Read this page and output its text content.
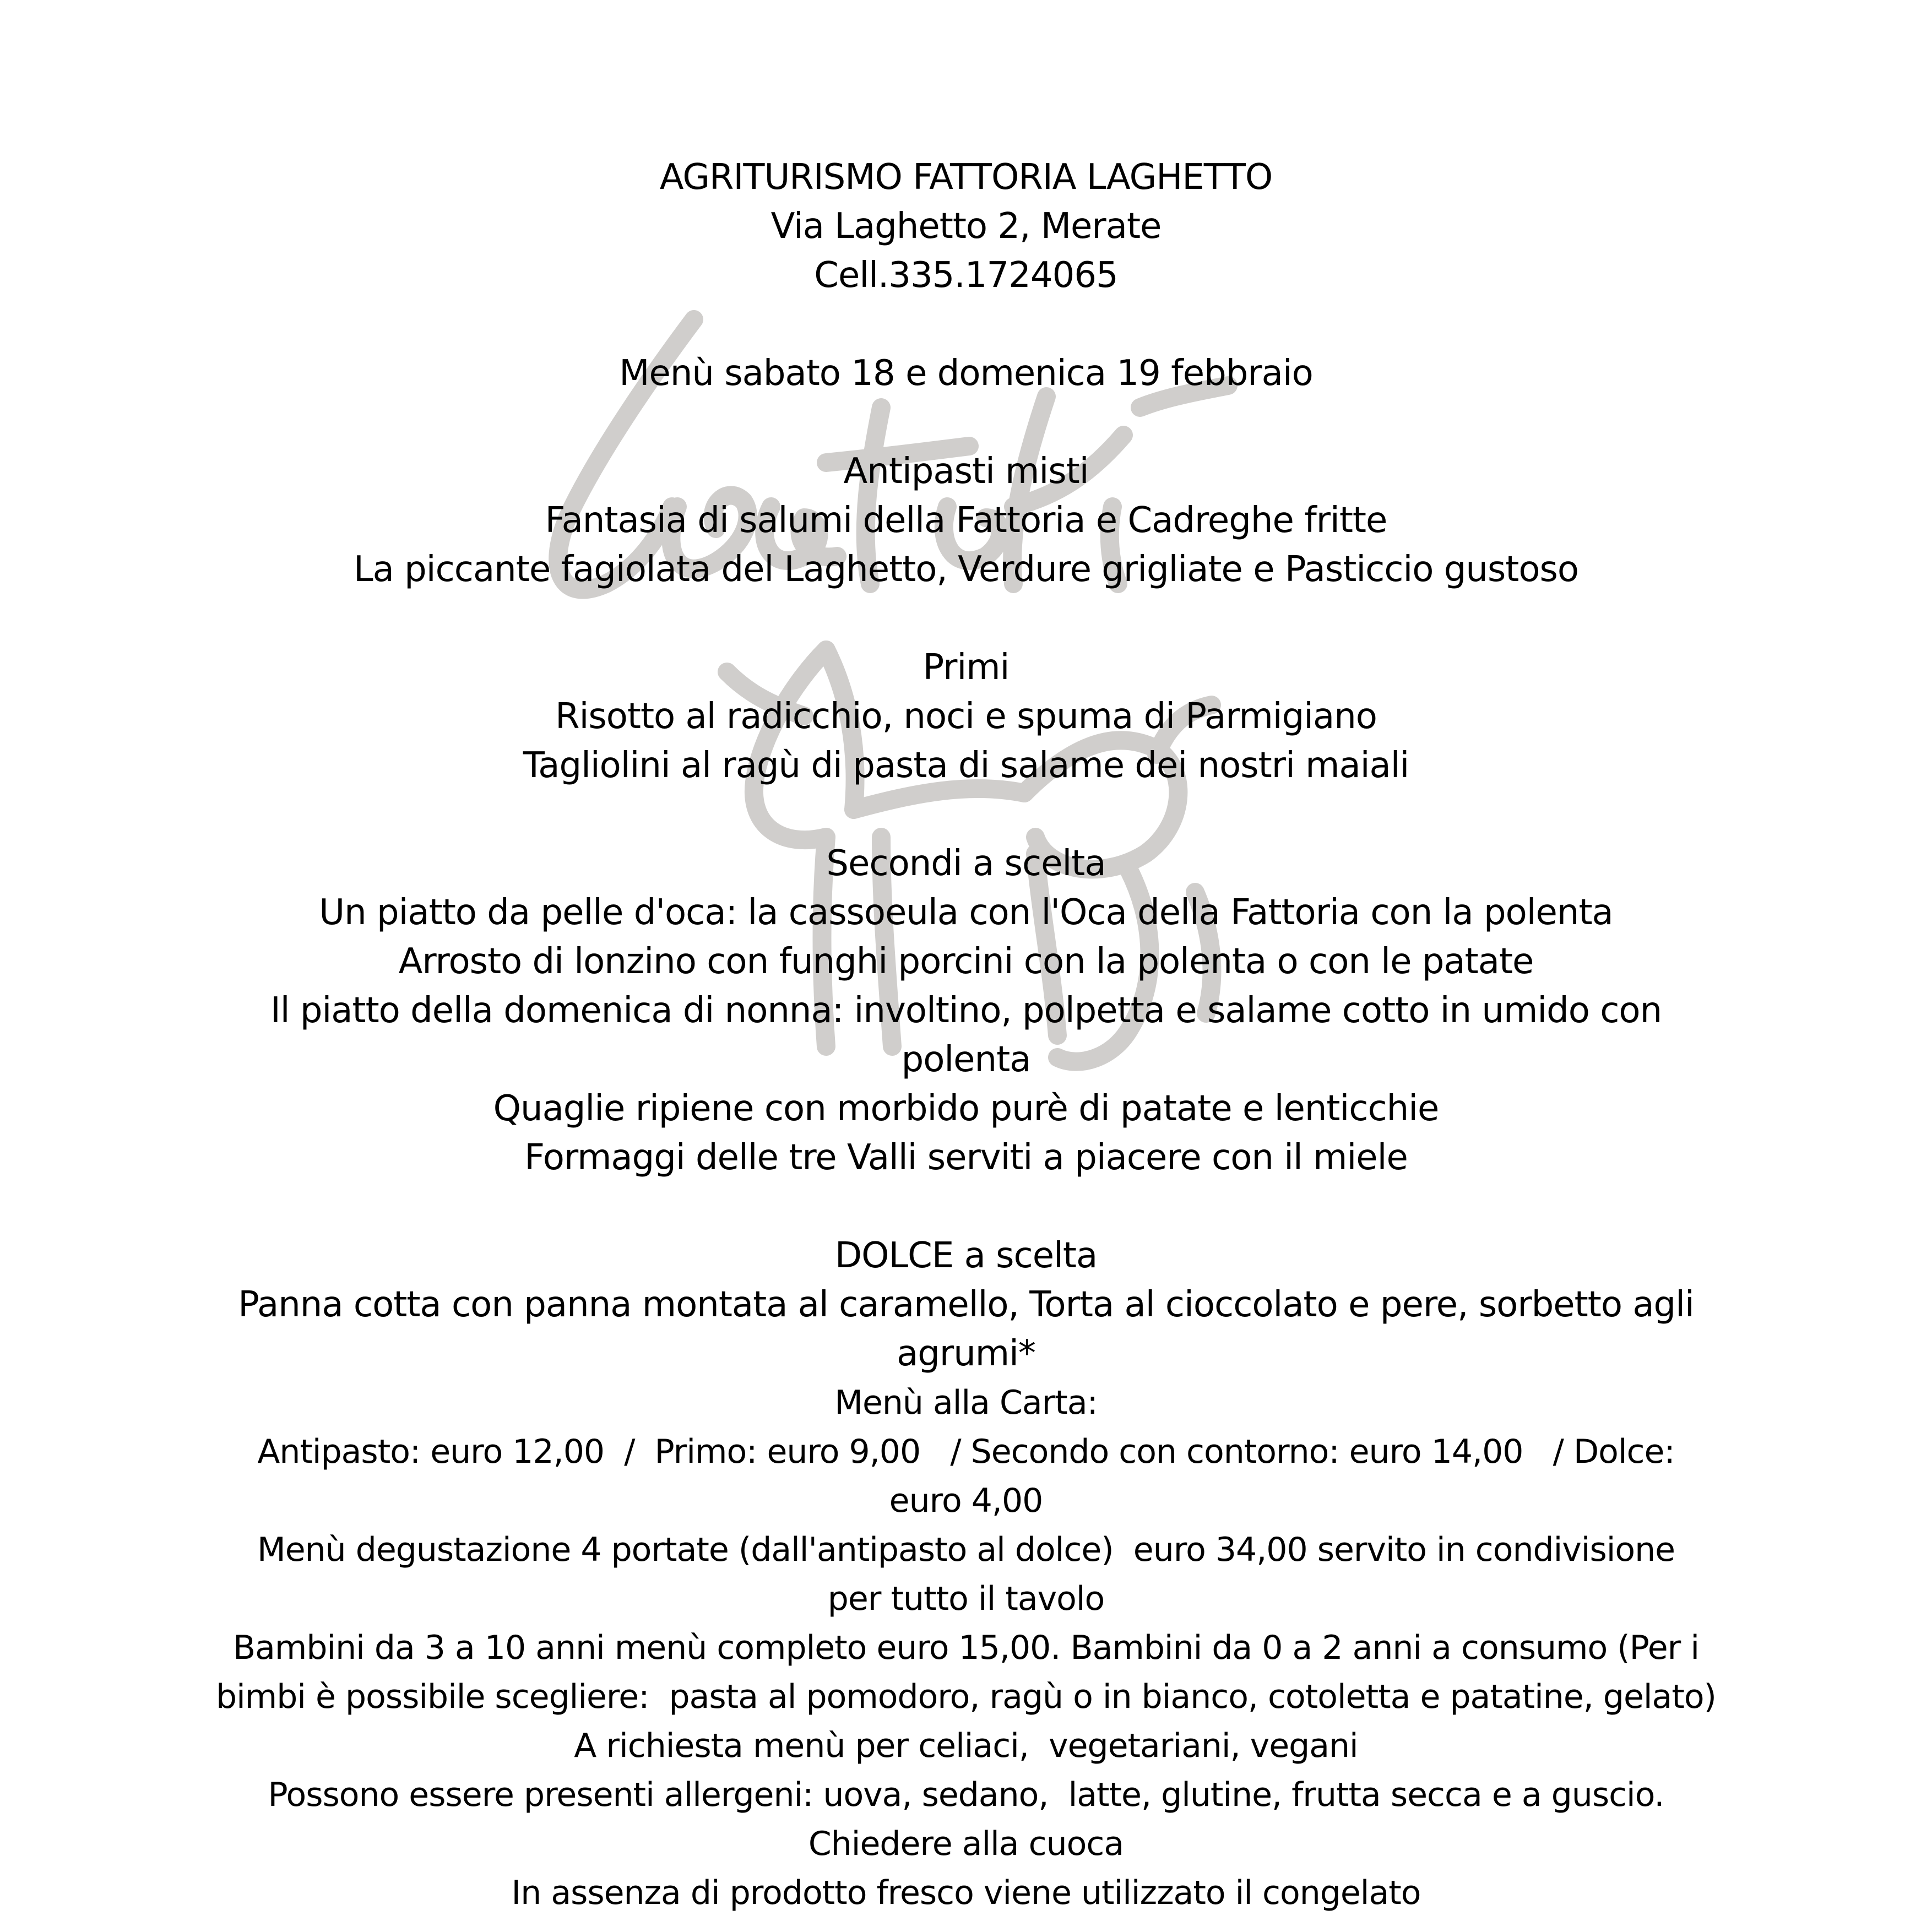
AGRITURISMO FATTORIA LAGHETTO
Via Laghetto 2, Merate
Cell.335.1724065
Menù sabato 18 e domenica 19 febbraio
Antipasti misti
Fantasia di salumi della Fattoria e Cadreghe fritte
La piccante fagiolata del Laghetto, Verdure grigliate e Pasticcio gustoso
Primi
Risotto al radicchio, noci e spuma di Parmigiano
Tagliolini al ragù di pasta di salame dei nostri maiali
Secondi a scelta
Un piatto da pelle d'oca: la cassoeula con l'Oca della Fattoria con la polenta
Arrosto di lonzino con funghi porcini con la polenta o con le patate
Il piatto della domenica di nonna: involtino, polpetta e salame cotto in umido con
polenta
Quaglie ripiene con morbido purè di patate e lenticchie
Formaggi delle tre Valli serviti a piacere con il miele
DOLCE a scelta
Panna cotta con panna montata al caramello, Torta al cioccolato e pere, sorbetto agli
agrumi*
Menù alla Carta:
Antipasto: euro 12,00  /  Primo: euro 9,00   / Secondo con contorno: euro 14,00   / Dolce:
euro 4,00
Menù degustazione 4 portate (dall'antipasto al dolce)  euro 34,00 servito in condivisione
per tutto il tavolo
Bambini da 3 a 10 anni menù completo euro 15,00. Bambini da 0 a 2 anni a consumo (Per i
bimbi è possibile scegliere:  pasta al pomodoro, ragù o in bianco, cotoletta e patatine, gelato)
A richiesta menù per celiaci,  vegetariani, vegani
Possono essere presenti allergeni: uova, sedano,  latte, glutine, frutta secca e a guscio.
Chiedere alla cuoca
In assenza di prodotto fresco viene utilizzato il congelato
